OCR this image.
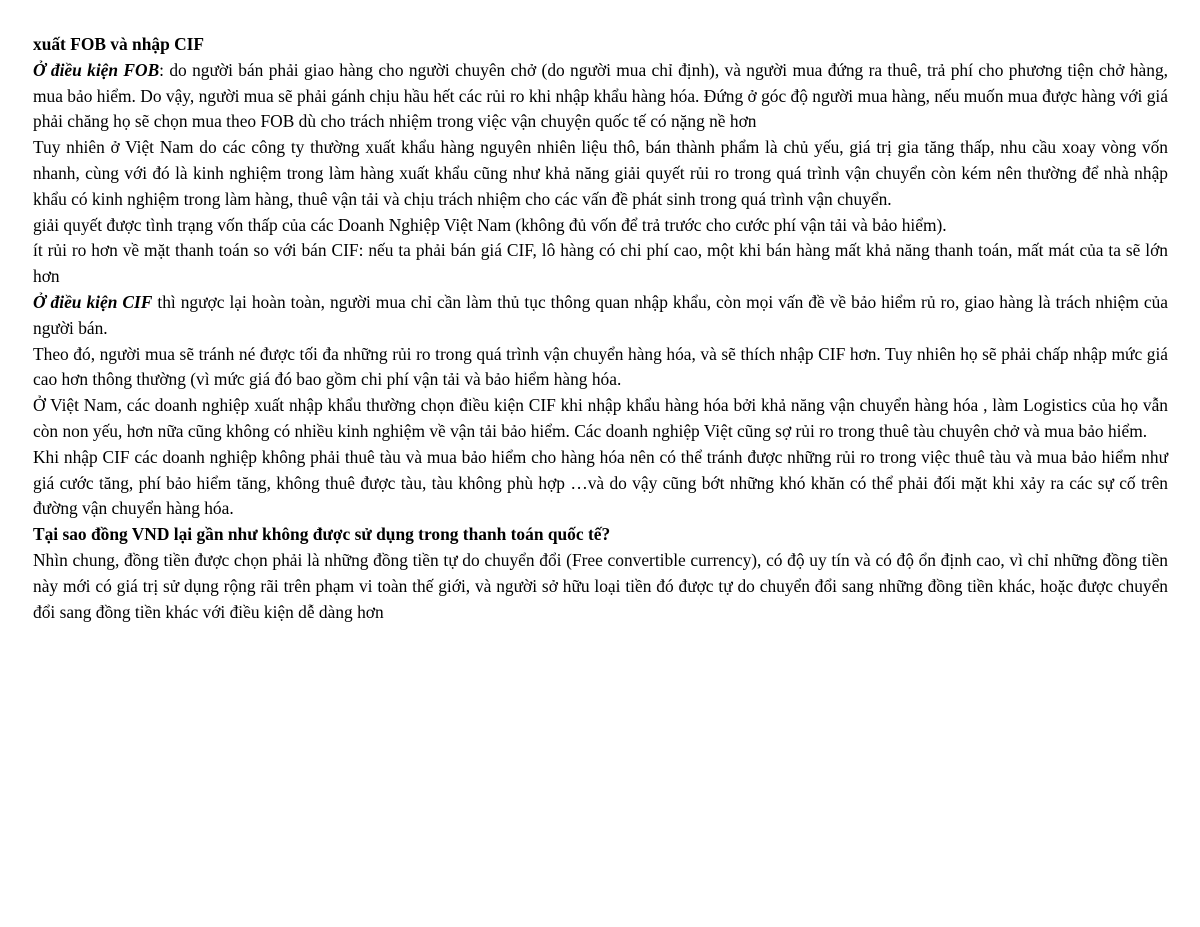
xuất FOB và nhập CIF

Ở điều kiện FOB: do người bán phải giao hàng cho người chuyên chở (do người mua chỉ định), và người mua đứng ra thuê, trả phí cho phương tiện chở hàng, mua bảo hiểm. Do vậy, người mua sẽ phải gánh chịu hầu hết các rủi ro khi nhập khẩu hàng hóa. Đứng ở góc độ người mua hàng, nếu muốn mua được hàng với giá phải chăng họ sẽ chọn mua theo FOB dù cho trách nhiệm trong việc vận chuyện quốc tế có nặng nề hơn

Tuy nhiên ở Việt Nam do các công ty thường xuất khẩu hàng nguyên nhiên liệu thô, bán thành phẩm là chủ yếu, giá trị gia tăng thấp, nhu cầu xoay vòng vốn nhanh, cùng với đó là kinh nghiệm trong làm hàng xuất khẩu cũng như khả năng giải quyết rủi ro trong quá trình vận chuyển còn kém nên thường để nhà nhập khẩu có kinh nghiệm trong làm hàng, thuê vận tải và chịu trách nhiệm cho các vấn đề phát sinh trong quá trình vận chuyển.

giải quyết được tình trạng vốn thấp của các Doanh Nghiệp Việt Nam (không đủ vốn để trả trước cho cước phí vận tải và bảo hiểm).

ít rủi ro hơn về mặt thanh toán so với bán CIF: nếu ta phải bán giá CIF, lô hàng có chi phí cao, một khi bán hàng mất khả năng thanh toán, mất mát của ta sẽ lớn hơn

Ở điều kiện CIF thì ngược lại hoàn toàn, người mua chỉ cần làm thủ tục thông quan nhập khẩu, còn mọi vấn đề về bảo hiểm rủ ro, giao hàng là trách nhiệm của người bán.

Theo đó, người mua sẽ tránh né được tối đa những rủi ro trong quá trình vận chuyển hàng hóa, và sẽ thích nhập CIF hơn. Tuy nhiên họ sẽ phải chấp nhập mức giá cao hơn thông thường (vì mức giá đó bao gồm chi phí vận tải và bảo hiểm hàng hóa.

Ở Việt Nam, các doanh nghiệp xuất nhập khẩu thường chọn điều kiện CIF khi nhập khẩu hàng hóa bởi khả năng vận chuyển hàng hóa , làm Logistics của họ vẫn còn non yếu, hơn nữa cũng không có nhiều kinh nghiệm về vận tải bảo hiểm. Các doanh nghiệp Việt cũng sợ rủi ro trong thuê tàu chuyên chở và mua bảo hiểm.

Khi nhập CIF các doanh nghiệp không phải thuê tàu và mua bảo hiểm cho hàng hóa nên có thể tránh được những rủi ro trong việc thuê tàu và mua bảo hiểm như giá cước tăng, phí bảo hiểm tăng, không thuê được tàu, tàu không phù hợp …và do vậy cũng bớt những khó khăn có thể phải đối mặt khi xảy ra các sự cố trên đường vận chuyển hàng hóa.

Tại sao đồng VND lại gần như không được sử dụng trong thanh toán quốc tế?

Nhìn chung, đồng tiền được chọn phải là những đồng tiền tự do chuyển đổi (Free convertible currency), có độ uy tín và có độ ổn định cao, vì chỉ những đồng tiền này mới có giá trị sử dụng rộng rãi trên phạm vi toàn thế giới, và người sở hữu loại tiền đó được tự do chuyển đổi sang những đồng tiền khác, hoặc được chuyển đổi sang đồng tiền khác với điều kiện dễ dàng hơn
